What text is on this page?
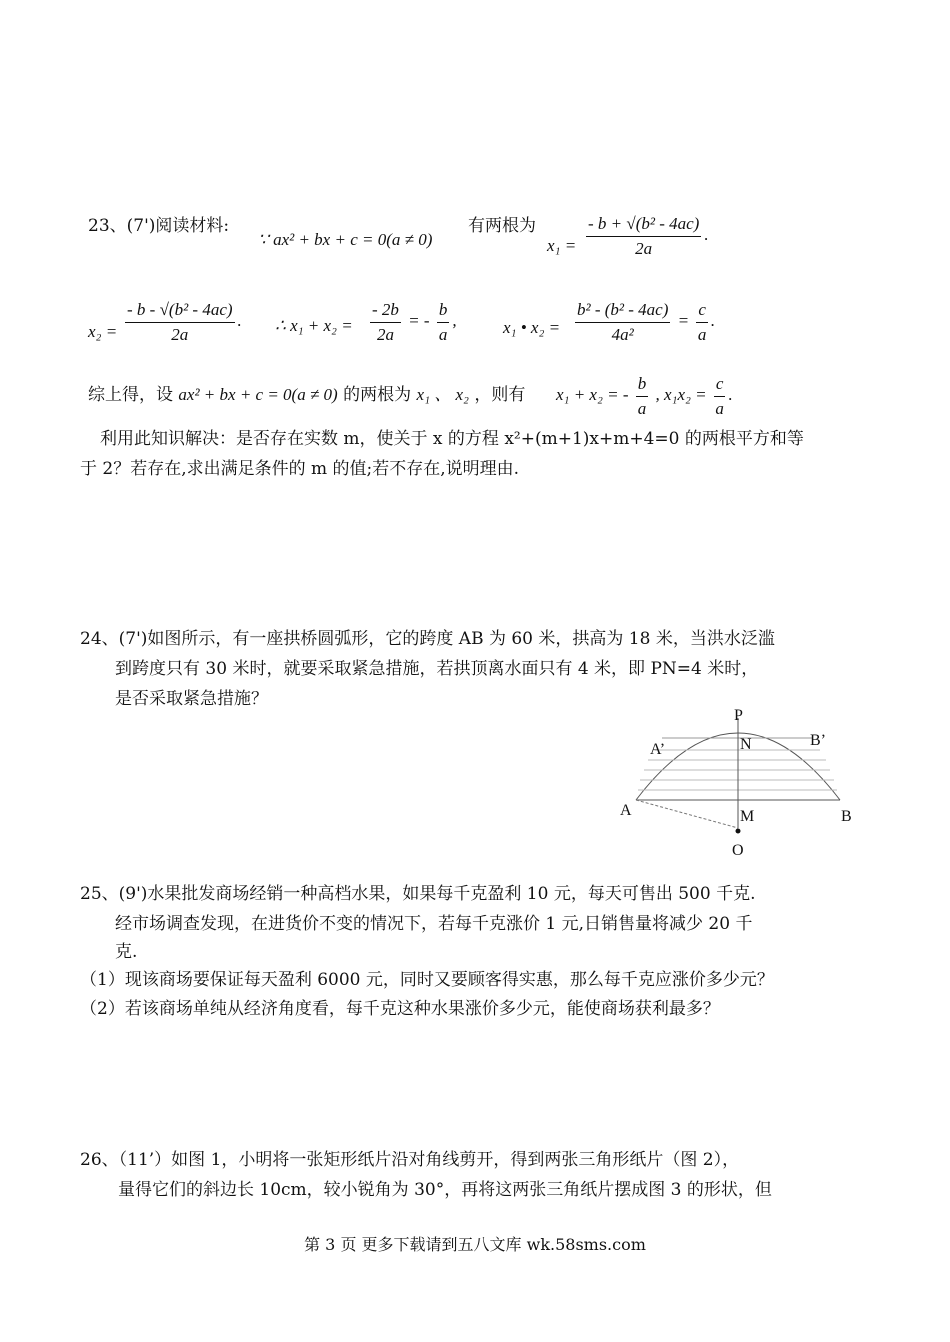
23、(7')阅读材料:
∵ ax² + bx + c = 0(a ≠ 0)
有两根为
$x_1 = \frac{\text{- b + √(b² - 4ac)}}{2a}$ .
$x_2 = \frac{\text{- b - √(b² - 4ac)}}{2a}$ . ∴ $x_1 + x_2 = \frac{- 2b}{2a}$ = - $\frac{b}{a}$ ,	x₁ • $x_2 = \frac{\text{b² - (b² - 4ac)}}{\text{4a²}} = \frac{c}{a}$ .
综上得，设 ax² + bx + c = 0(a ≠ 0) 的两根为 x₁ 、 x₂ ，则有 x₁ + x₂ = - $\frac{b}{a}$ , $x_1x_2 = \frac{c}{a}$ .
利用此知识解决：是否存在实数 m，使关于 x 的方程 x²+(m+1)x+m+4=0 的两根平方和等
于 2？若存在,求出满足条件的 m 的值;若不存在,说明理由.
24、(7')如图所示，有一座拱桥圆弧形，它的跨度 AB 为 60 米，拱高为 18 米，当洪水泛滥
到跨度只有 30 米时，就要采取紧急措施，若拱顶离水面只有 4 米，即 PN=4 米时，
是否采取紧急措施？
P
N
A’
B’
A	B
M
O
25、(9')水果批发商场经销一种高档水果，如果每千克盈利 10 元，每天可售出 500 千克.
经市场调查发现，在进货价不变的情况下，若每千克涨价 1 元,日销售量将减少 20 千
克.
（1）现该商场要保证每天盈利 6000 元，同时又要顾客得实惠，那么每千克应涨价多少元？
（2）若该商场单纯从经济角度看，每千克这种水果涨价多少元，能使商场获利最多？
26、（11’）如图 1，小明将一张矩形纸片沿对角线剪开，得到两张三角形纸片（图 2），
量得它们的斜边长 10cm，较小锐角为 30°，再将这两张三角纸片摆成图 3 的形状，但
第 3 页 更多下载请到五八文库 wk.58sms.com
